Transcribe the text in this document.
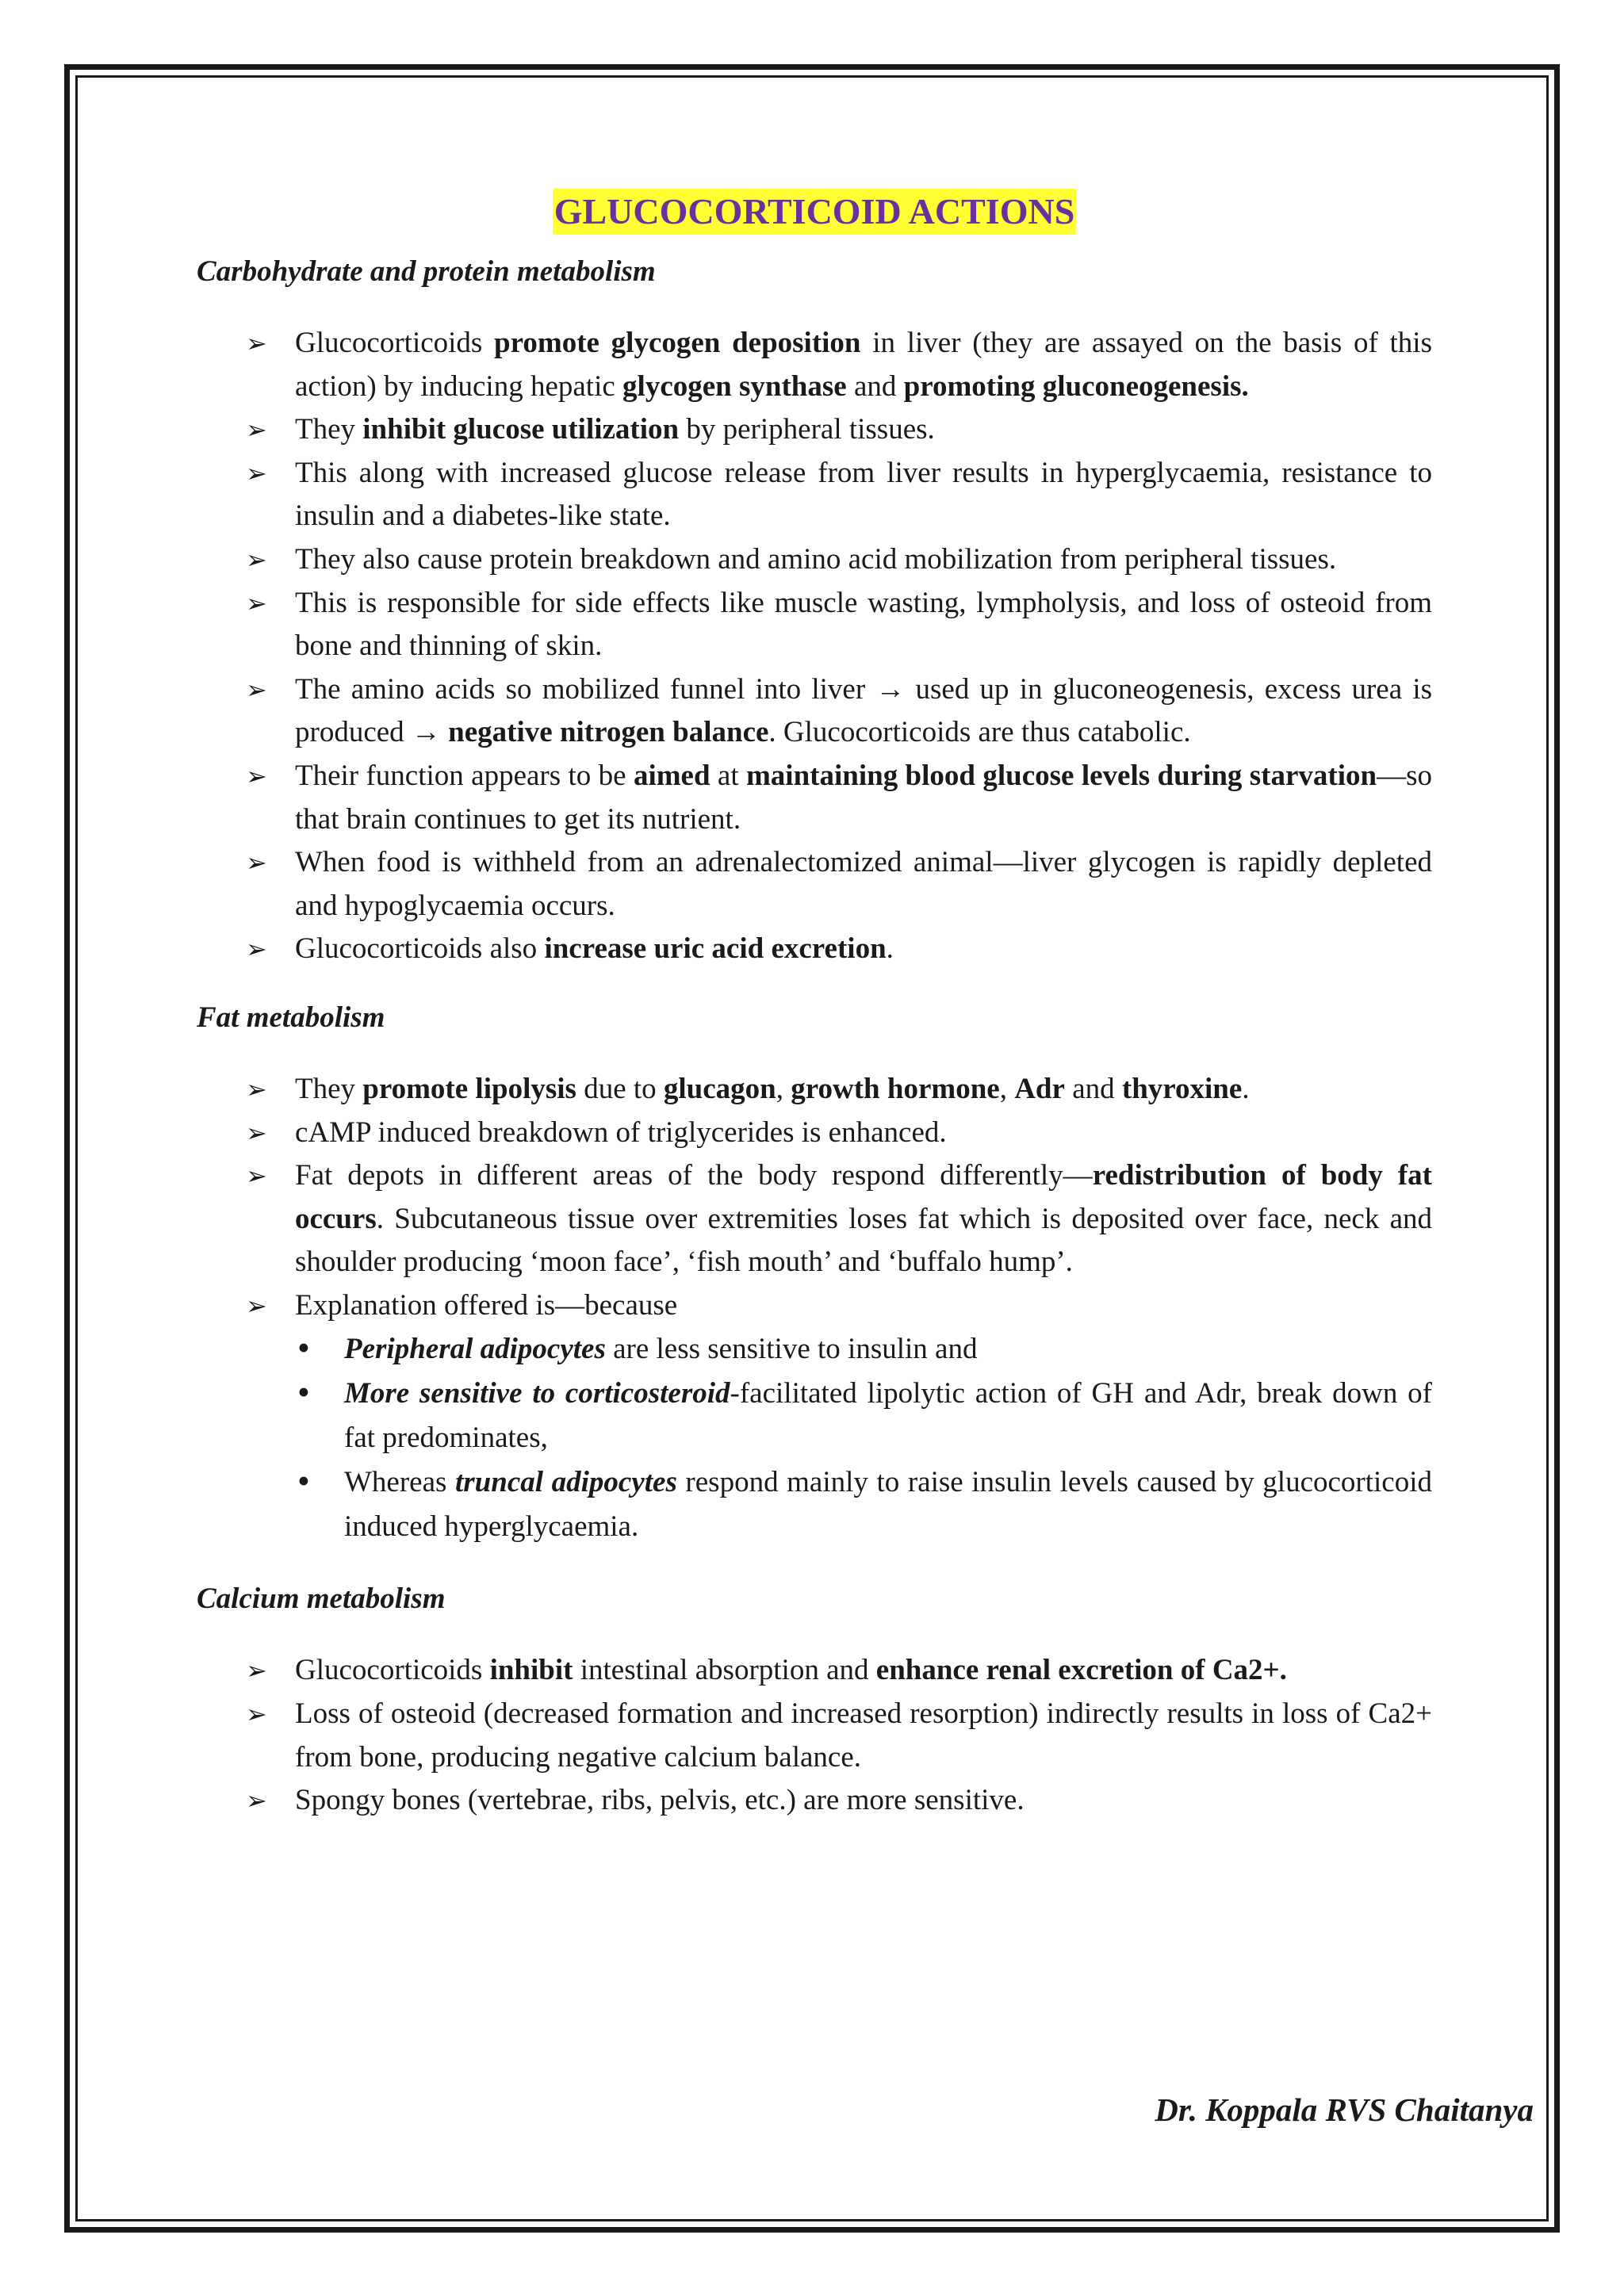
GLUCOCORTICOID ACTIONS
Carbohydrate and protein metabolism
➢ Glucocorticoids promote glycogen deposition in liver (they are assayed on the basis of this action) by inducing hepatic glycogen synthase and promoting gluconeogenesis.
➢ They inhibit glucose utilization by peripheral tissues.
➢ This along with increased glucose release from liver results in hyperglycaemia, resistance to insulin and a diabetes-like state.
➢ They also cause protein breakdown and amino acid mobilization from peripheral tissues.
➢ This is responsible for side effects like muscle wasting, lympholysis, and loss of osteoid from bone and thinning of skin.
➢ The amino acids so mobilized funnel into liver → used up in gluconeogenesis, excess urea is produced → negative nitrogen balance. Glucocorticoids are thus catabolic.
➢ Their function appears to be aimed at maintaining blood glucose levels during starvation—so that brain continues to get its nutrient.
➢ When food is withheld from an adrenalectomized animal—liver glycogen is rapidly depleted and hypoglycaemia occurs.
➢ Glucocorticoids also increase uric acid excretion.
Fat metabolism
➢ They promote lipolysis due to glucagon, growth hormone, Adr and thyroxine.
➢ cAMP induced breakdown of triglycerides is enhanced.
➢ Fat depots in different areas of the body respond differently—redistribution of body fat occurs. Subcutaneous tissue over extremities loses fat which is deposited over face, neck and shoulder producing ‘moon face’, ‘fish mouth’ and ‘buffalo hump’.
➢ Explanation offered is—because
• Peripheral adipocytes are less sensitive to insulin and
• More sensitive to corticosteroid-facilitated lipolytic action of GH and Adr, break down of fat predominates,
• Whereas truncal adipocytes respond mainly to raise insulin levels caused by glucocorticoid induced hyperglycaemia.
Calcium metabolism
➢ Glucocorticoids inhibit intestinal absorption and enhance renal excretion of Ca2+.
➢ Loss of osteoid (decreased formation and increased resorption) indirectly results in loss of Ca2+ from bone, producing negative calcium balance.
➢ Spongy bones (vertebrae, ribs, pelvis, etc.) are more sensitive.
Dr. Koppala RVS Chaitanya
